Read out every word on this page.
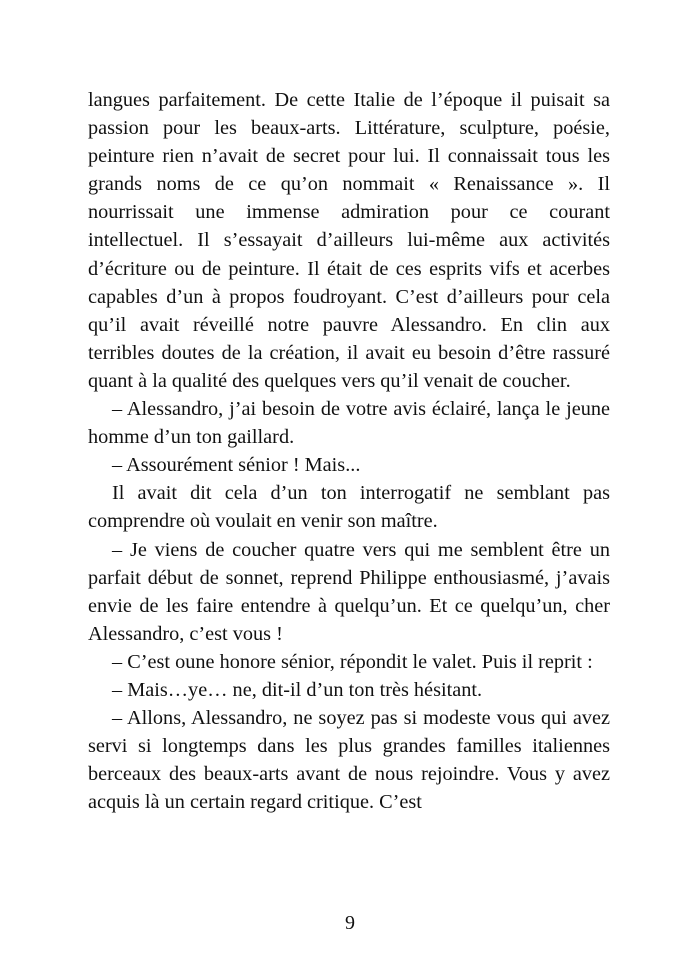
langues parfaitement. De cette Italie de l’époque il puisait sa passion pour les beaux-arts. Littérature, sculpture, poésie, peinture rien n’avait de secret pour lui. Il connaissait tous les grands noms de ce qu’on nommait « Renaissance ». Il nourrissait une immense admiration pour ce courant intellectuel. Il s’essayait d’ailleurs lui-même aux activités d’écriture ou de peinture. Il était de ces esprits vifs et acerbes capables d’un à propos foudroyant. C’est d’ailleurs pour cela qu’il avait réveillé notre pauvre Alessandro. En clin aux terribles doutes de la création, il avait eu besoin d’être rassuré quant à la qualité des quelques vers qu’il venait de coucher.

– Alessandro, j’ai besoin de votre avis éclairé, lança le jeune homme d’un ton gaillard.

– Assourément sénior ! Mais...

Il avait dit cela d’un ton interrogatif ne semblant pas comprendre où voulait en venir son maître.

– Je viens de coucher quatre vers qui me semblent être un parfait début de sonnet, reprend Philippe enthousiasmé, j’avais envie de les faire entendre à quelqu’un. Et ce quelqu’un, cher Alessandro, c’est vous !

– C’est oune honore sénior, répondit le valet. Puis il reprit :

– Mais…ye… ne, dit-il d’un ton très hésitant.

– Allons, Alessandro, ne soyez pas si modeste vous qui avez servi si longtemps dans les plus grandes familles italiennes berceaux des beaux-arts avant de nous rejoindre. Vous y avez acquis là un certain regard critique. C’est

9
